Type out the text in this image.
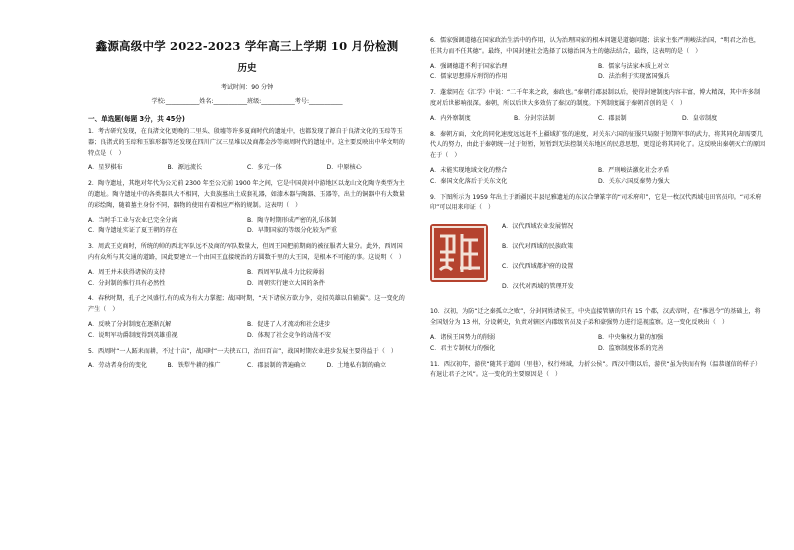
鑫源高级中学 2022-2023 学年高三上学期 10 月份检测
历史
考试时间：90 分钟
学校:___________姓名:___________班级:___________考号:___________
一、单选题(每题 3分，共 45分)

1．考古研究发现，在良渚文化更晚的二里头、殷墟等许多夏商时代的遗址中，也都发现了源自于良渚文化的玉琮等玉器；良渚式的玉琮和玉锥形器等还发现在四川广汉三星堆以及商都金沙等商周时代的遗址中。这主要反映出中华文明的特点是（　）

A．星罗棋布	B．源远流长	C．多元一体	D．中原核心

2．陶寺遗址，其绝对年代为公元前 2300 年至公元前 1900 年之间，它是中国黄河中游地区以龙山文化陶寺类型为主的遗址。陶寺遗址中的各类器具大不相同，大贵族墓出土成套礼器，如漆木器与陶器、玉器等，出土的铜器中有大数量的彩绘陶，随着墓主身份不同，器物的使用有着相应严格的规制。这表明（　）

A．当时手工业与农业已完全分离	B．陶寺时期形成严密的礼乐体制
C．陶寺遗址实证了夏王朝的存在	D．早期国家的等级分化较为严重

3．周武王克商时，所统的帅的西北军队远不及商的军队数量大，但周王国把前期商的被征服者大量分。此外，西周国内有众所与其交通的道路，国此要建立一个由国王直接统治的方圆数千里的大王国，是根本不可能的事。这说明（　）

A．周王并未获得诸侯的支持	B．西周军队战斗力比较薄弱
C．分封制的推行具有必然性	D．周朝实行建立大国的条件

4．春秋时期，孔子之风盛行,有的成为有大力掌握；战国时期，“天下诸侯方欲力争，竞招英雄以自辅翼”。这一变化的产生（　）

A．反映了分封制度在逐渐瓦解	B．促进了人才流动和社会进步
C．说明军功爵制度得到英雄重视	D．体现了社会竞争的动荡不安

5．西周时“一人跖耒而耕，不过十亩”，战国时“一夫挟五口，治田百亩”，战国时期农业进步发展主要得益于（　）

A．劳动者身份的变化	B．铁犁牛耕的推广	C．郡县制的普遍确立	D．土地私有制的确立

6．儒家强调道德在国家政治生活中的作用，认为治理国家的根本问题是道德问题；法家主张严刑峻法治国，“明君之治也，任其力而不任其德”。最终，中国封建社会选择了以德治国为主的德法结合，最终，这表明的是（　）

A．强调德道不利于国家治理	B．儒家与法家本质上对立
C．儒家思想排斥刑罚的作用	D．法治利于实现富国强兵

7．蓬蒙同在《汇学》中说：“二千年来之政，秦政也。”秦朝行郡县制以后，使得封建制度内容丰富，博大精深，其中许多制度对后世影响很深。秦朝，所以后世大多效仿了秦汉的制度。下列制度属于秦朝首创的是（　）

A．内外察制度	B．分封宗法制	C．郡县制	D．皇帝制度

8．秦朝方面，文化的同化速度远远赶不上疆域扩张的速度，对关东六国的征服只局限于短期军事的武力，将其同化却需要几代人的努力，由此于秦朝统一过于短暂，短暂到无法控制关东地区的民意思想，更遑论将其同化了。这反映出秦朝灭亡的原因在于（　）

A．未能实现地域文化的整合	B．严刑峻法激化社会矛盾
C．秦国文化落后于关东文化	D．关东六国反秦势力强大

9．下图所示为 1959 年出土于新疆民丰县尼雅遗址的东汉合肇篆字的“司禾府印”，它是一枚汉代西域屯田官员印。“司禾府印”可以用来印证（　）

A．汉代西域农业发展情况
B．汉代对西域的民族政策
C．汉代西域都护府的设置
D．汉代对西域的管理开发

10．汉初，为防“迁之秦孤立之败”，分封同姓诸侯王，中央直接管辖的只有 15 个郡，汉武帝时，在“推恩令”的基础上，将全国划分为 13 州，分设刺史，负责对辖区内郡级官员及子弟和豪强势力进行巡视监察。这一变化反映出（　）

A．诸侯王国势力的削弱	B．中央集权力量的加强
C．君主专制权力的强化	D．监察制度体系的完善

11．西汉初年，游侠“随其于道闾（里巷），权行州域，力折公侯”。西汉中期以后，游侠“虽为侠而有恂（温恭谨信的样子）有退让君子之风”。这一变化的主要原因是（　）
